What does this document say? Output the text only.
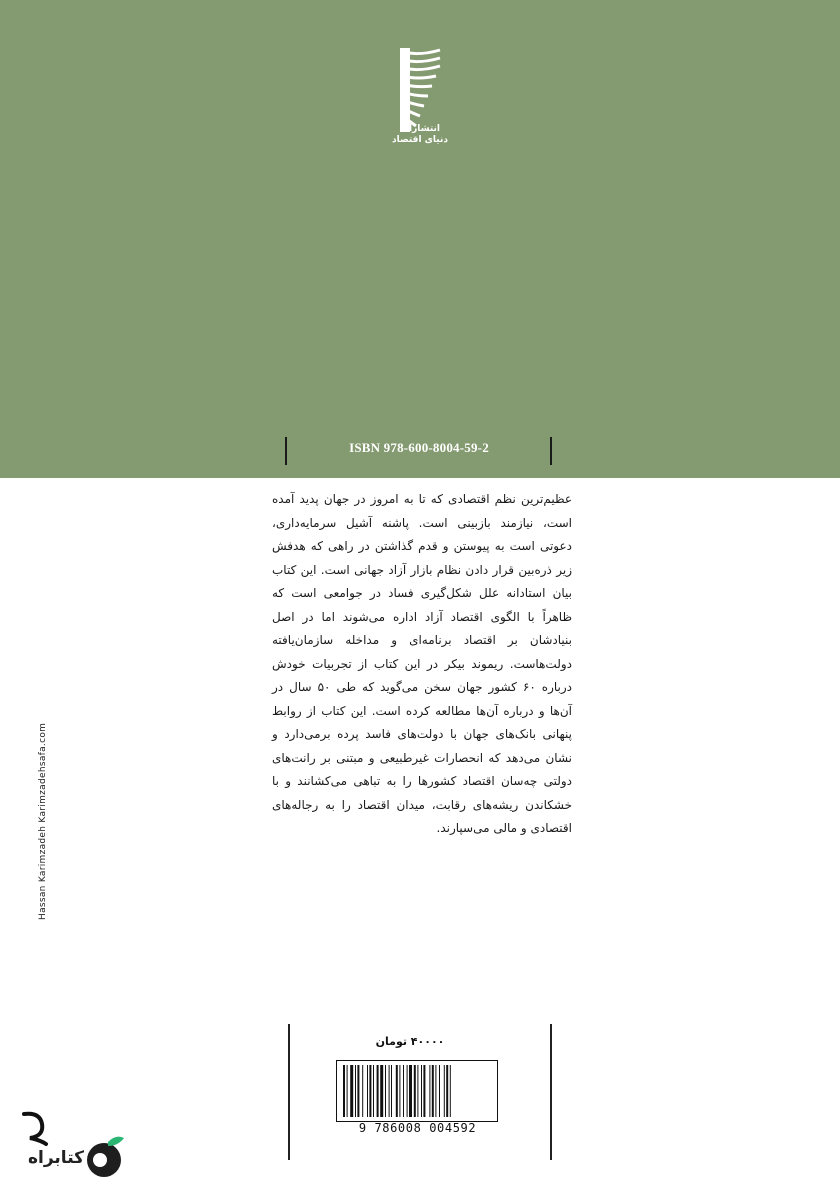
انتشارات
دنیای اقتصاد
ISBN 978-600-8004-59-2

عظیم‌ترین نظم اقتصادی که تا به امروز در جهان پدید آمده است، نیازمند بازبینی است. پاشنه آشیل سرمایه‌داری، دعوتی است به پیوستن و قدم گذاشتن در راهی که هدفش زیر ذره‌بین قرار دادن نظام بازار آزاد جهانی است. این کتاب بیان استادانه علل شکل‌گیری فساد در جوامعی است که ظاهراً با الگوی اقتصاد آزاد اداره می‌شوند اما در اصل بنیادشان بر اقتصاد برنامه‌ای و مداخله سازمان‌یافته دولت‌هاست. ریموند بیکر در این کتاب از تجربیات خودش درباره ۶۰ کشور جهان سخن می‌گوید که طی ۵۰ سال در آن‌ها و درباره آن‌ها مطالعه کرده است. این کتاب از روابط پنهانی بانک‌های جهان با دولت‌های فاسد پرده برمی‌دارد و نشان می‌دهد که انحصارات غیرطبیعی و مبتنی بر رانت‌های دولتی چه‌سان اقتصاد کشورها را به تباهی می‌کشانند و با خشکاندن ریشه‌های رقابت، میدان اقتصاد را به رجاله‌های اقتصادی و مالی می‌سپارند.

۴۰۰۰۰ تومان
9 786008 004592
Hassan Karimzadeh Karimzadehsafa.com
کتابراه
